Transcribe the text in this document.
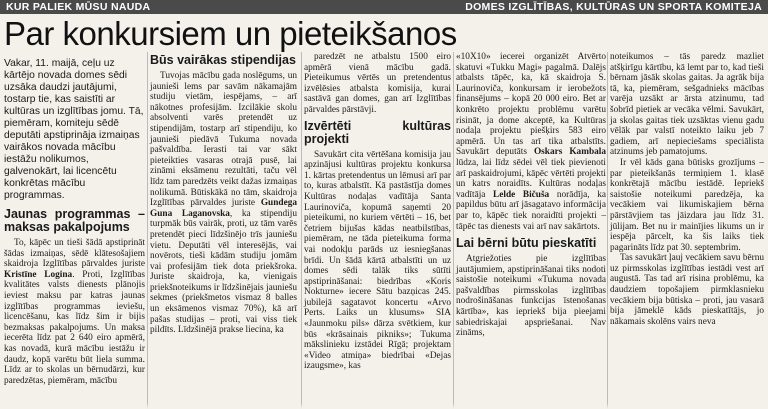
KUR PALIEK MŪSU NAUDA	DOMES IZGLĪTĪBAS, KULTŪRAS UN SPORTA KOMITEJA
Par konkursiem un pieteikšanos

Vakar, 11. maijā, ceļu uz kārtējo novada domes sēdi uzsāka daudzi jautājumi, tostarp tie, kas saistīti ar kultūras un izglītības jomu. Tā, piemēram, komiteju sēdē deputāti apstiprināja izmaiņas vairākos novada mācību iestāžu nolikumos, galvenokārt, lai licencētu konkrētas mācību programmas.

Jaunas programmas – maksas pakalpojums

To, kāpēc un tieši šādā apstiprināt šādas izmaiņas, sēdē klātesošajiem skaidroja Izglītības pārvaldes juriste Kristīne Logina. Proti, Izglītības kvalitātes valsts dienests plānojis ieviest maksu par katras jaunas izglītības programmas ieviešu, licencēšanu, kas līdz šim ir bijis bezmaksas pakalpojums. Un maksa iecerēta līdz pat 2 640 eiro apmērā, kas novadā, kurā mācību iestāžu ir daudz, kopā varētu būt liela summa. Līdz ar to skolas un bērnudārzi, kur paredzētas, piemēram, mācību

Būs vairākas stipendijas

Tuvojas mācību gada noslēgums, un jaunieši lems par savām nākamajām studiju vietām, iespējams, – arī nākotnes profesijām. Izcilākie skolu absolventi varēs pretendēt uz stipendijām, tostarp arī stipendiju, ko jaunieši piedāvā Tukuma novada pašvaldība. Ierasti tai var sākt pieteikties vasaras otrajā pusē, lai zināmi eksāmenu rezultāti, taču vēl līdz tam paredzēts veikt dažas izmaiņas nolikumā. Būtiskākā no tām, skaidroja Izglītības pārvaldes juriste Gundega Guna Laganovska, ka stipendiju turpmāk būs vairāk, proti, uz tām varēs pretendēt pieci līdzšinējo trīs jauniešu vietu. Deputāti vēl interesējās, vai novērots, tieši kādām studiju jomām vai profesijām tiek dota priekšroka. Juriste skaidroja, ka, vienigais priekšnoteikums ir līdzšinējais jauniešu sekmes (priekšmetos vismaz 8 balles un eksāmenos vismaz 70%), kā arī pašas studijas – proti, vai viss tiek pildīts. Līdzšinējā prakse liecina, ka

paredzēt ne atbalstu 1500 eiro apmērā vienā mācību gadā. Pieteikumus vērtēs un pretendentus izvēlēsies atbalsta komisija, kurai sastāvā gan domes, gan arī Izglītības pārvaldes pārstāvji.

Izvērtēti kultūras projekti

Savukārt cita vērtēšana komisija jau apzinājusi kultūras projektu konkursa 1. kārtas pretendentus un lēmusi arī par to, kuras atbalstīt. Kā pastāstīja domes Kultūras nodaļas vadītāja Santa Laurinoviča, kopumā saņemti 20 pieteikumi, no kuriem vērtēti – 16, bet četriem bijušas kādas neatbilstības, piemēram, ne tāda pieteikuma forma vai nodokļu parāds uz iesniegšanas brīdi. Un šādā kārtā atbalstīti un uz domes sēdi talāk tiks sūtīti apstiprināšanai: biedrības «Koris Nokturne» iecere Sātu bazņicas 245. jubilejā sagatavot koncertu «Arvo Perts. Laiks un klusums» SIA «Jaunmoku pils» dārza svētkiem, kur būs «krāsainais pikniks»; Tukuma mākslinieku izstādei Rīgā; projektam «Video atmiņa» biedrībai «Dejas izaugsme», kas

«10X10» iecerei organizēt Atvērto skatuvi «Tukku Magi» pagalmā. Dalējs atbalsts tāpēc, ka, kā skaidroja S. Laurinoviča, konkursam ir ierobežots finansējums – kopā 20 000 eiro. Bet ar konkrēto projektu problēmu varētu risināt, ja dome akceptē, ka Kultūras nodaļa projektu piešķirs 583 eiro apmērā. Un tas arī tika atbalstīts. Savukārt deputāts Oskars Kambala lūdza, lai līdz sēdei vēl tiek pievienoti arī paskaidrojumi, kāpēc vērtēti projekti un katrs noraidīts. Kultūras nodaļas vadītāja Lelde Bičuša norādīja, ka papildus būtu arī jāsagatavo informācija par to, kāpēc tiek noraidīti projekti – tāpēc tas dienests vai arī nav sakārtots.

Lai bērni būtu pieskatīti

Atgriežoties pie izglītības jautājumiem, apstiprināšanai tiks nodoti saistošie noteikumi «Tukuma novada pašvaldības pirmsskolas izglītības nodrošināšanas funkcijas īstenošanas kārtība», kas iepriekš bija pieejami sabiedriskajai apspriešanai. Nav zināms,

noteikumos – tās paredz mazliet atšķirīgu kārtību, kā lemt par to, kad tieši bērnam jāsāk skolas gaitas. Ja agrāk bija tā, ka, piemēram, sešgadnieks mācības varēja uzsākt ar ārsta atzinumu, tad šobrīd pietiek ar vecāka vēlmi. Savukārt, ja skolas gaitas tiek uzsāktas vienu gadu vēlāk par valstī noteikto laiku jeb 7 gadiem, arī nepieciešams speciālista atzinums jeb pamatojums.

Ir vēl kāds gana būtisks grozījums – par pieteikšanās termiņiem 1. klasē konkrētajā mācību iestādē. Iepriekš saistošie noteikumi paredzēja, ka vecākiem vai likumiskajiem bērna pārstāvjiem tas jāizdara jau līdz 31. jūlijam. Bet nu ir mainījies likums un ir iespēja pārcelt, ka šis laiks tiek pagarināts līdz pat 30. septembrim.

Tas savukārt ļauj vecākiem savu bērnu uz pirmsskolas izglītības iestādi vest arī augustā. Tas tad arī risina problēmu, ka daudziem topošajiem pirmklasnieku vecākiem bija būtiska – proti, jau vasarā bija jāmeklē kāds pieskatītājs, jo nākamais skolēns vairs neva
